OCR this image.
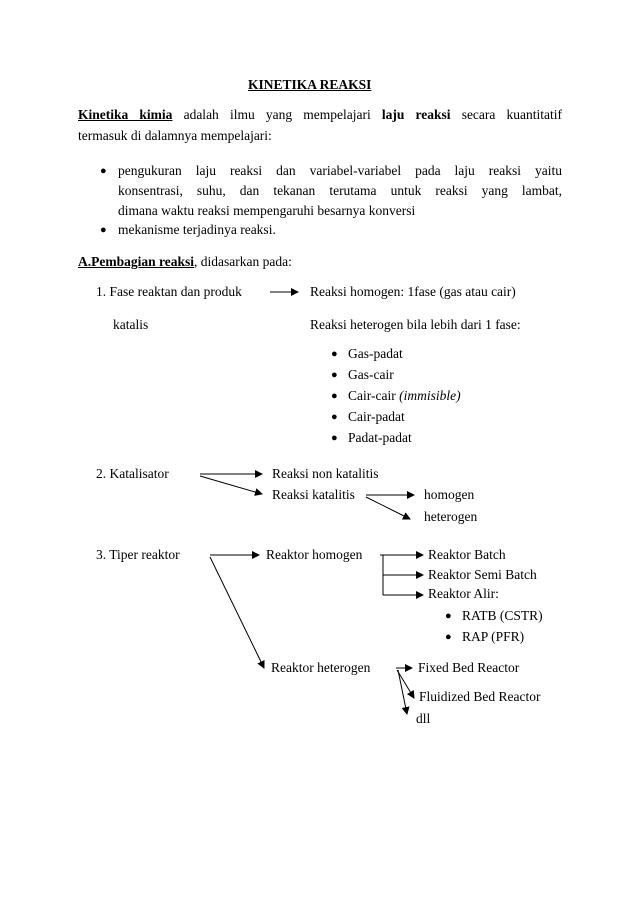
KINETIKA REAKSI
Kinetika kimia adalah ilmu yang mempelajari laju reaksi secara kuantitatif
termasuk di dalamnya mempelajari:
● pengukuran laju reaksi dan variabel-variabel pada laju reaksi yaitu
konsentrasi, suhu, dan tekanan terutama untuk reaksi yang lambat,
dimana waktu reaksi mempengaruhi besarnya konversi
● mekanisme terjadinya reaksi.
A.Pembagian reaksi, didasarkan pada:
1. Fase reaktan dan produk
katalis
Reaksi homogen: 1fase (gas atau cair)
Reaksi heterogen bila lebih dari 1 fase:
● Gas-padat
● Gas-cair
● Cair-cair (immisible)
● Cair-padat
● Padat-padat
2. Katalisator	Reaksi non katalitis
Reaksi katalitis	homogen
heterogen
3. Tiper reaktor	Reaktor homogen	Reaktor Batch
Reaktor Semi Batch
Reaktor Alir:
● RATB (CSTR)
● RAP (PFR)
Reaktor heterogen	Fixed Bed Reactor
Fluidized Bed Reactor
dll
